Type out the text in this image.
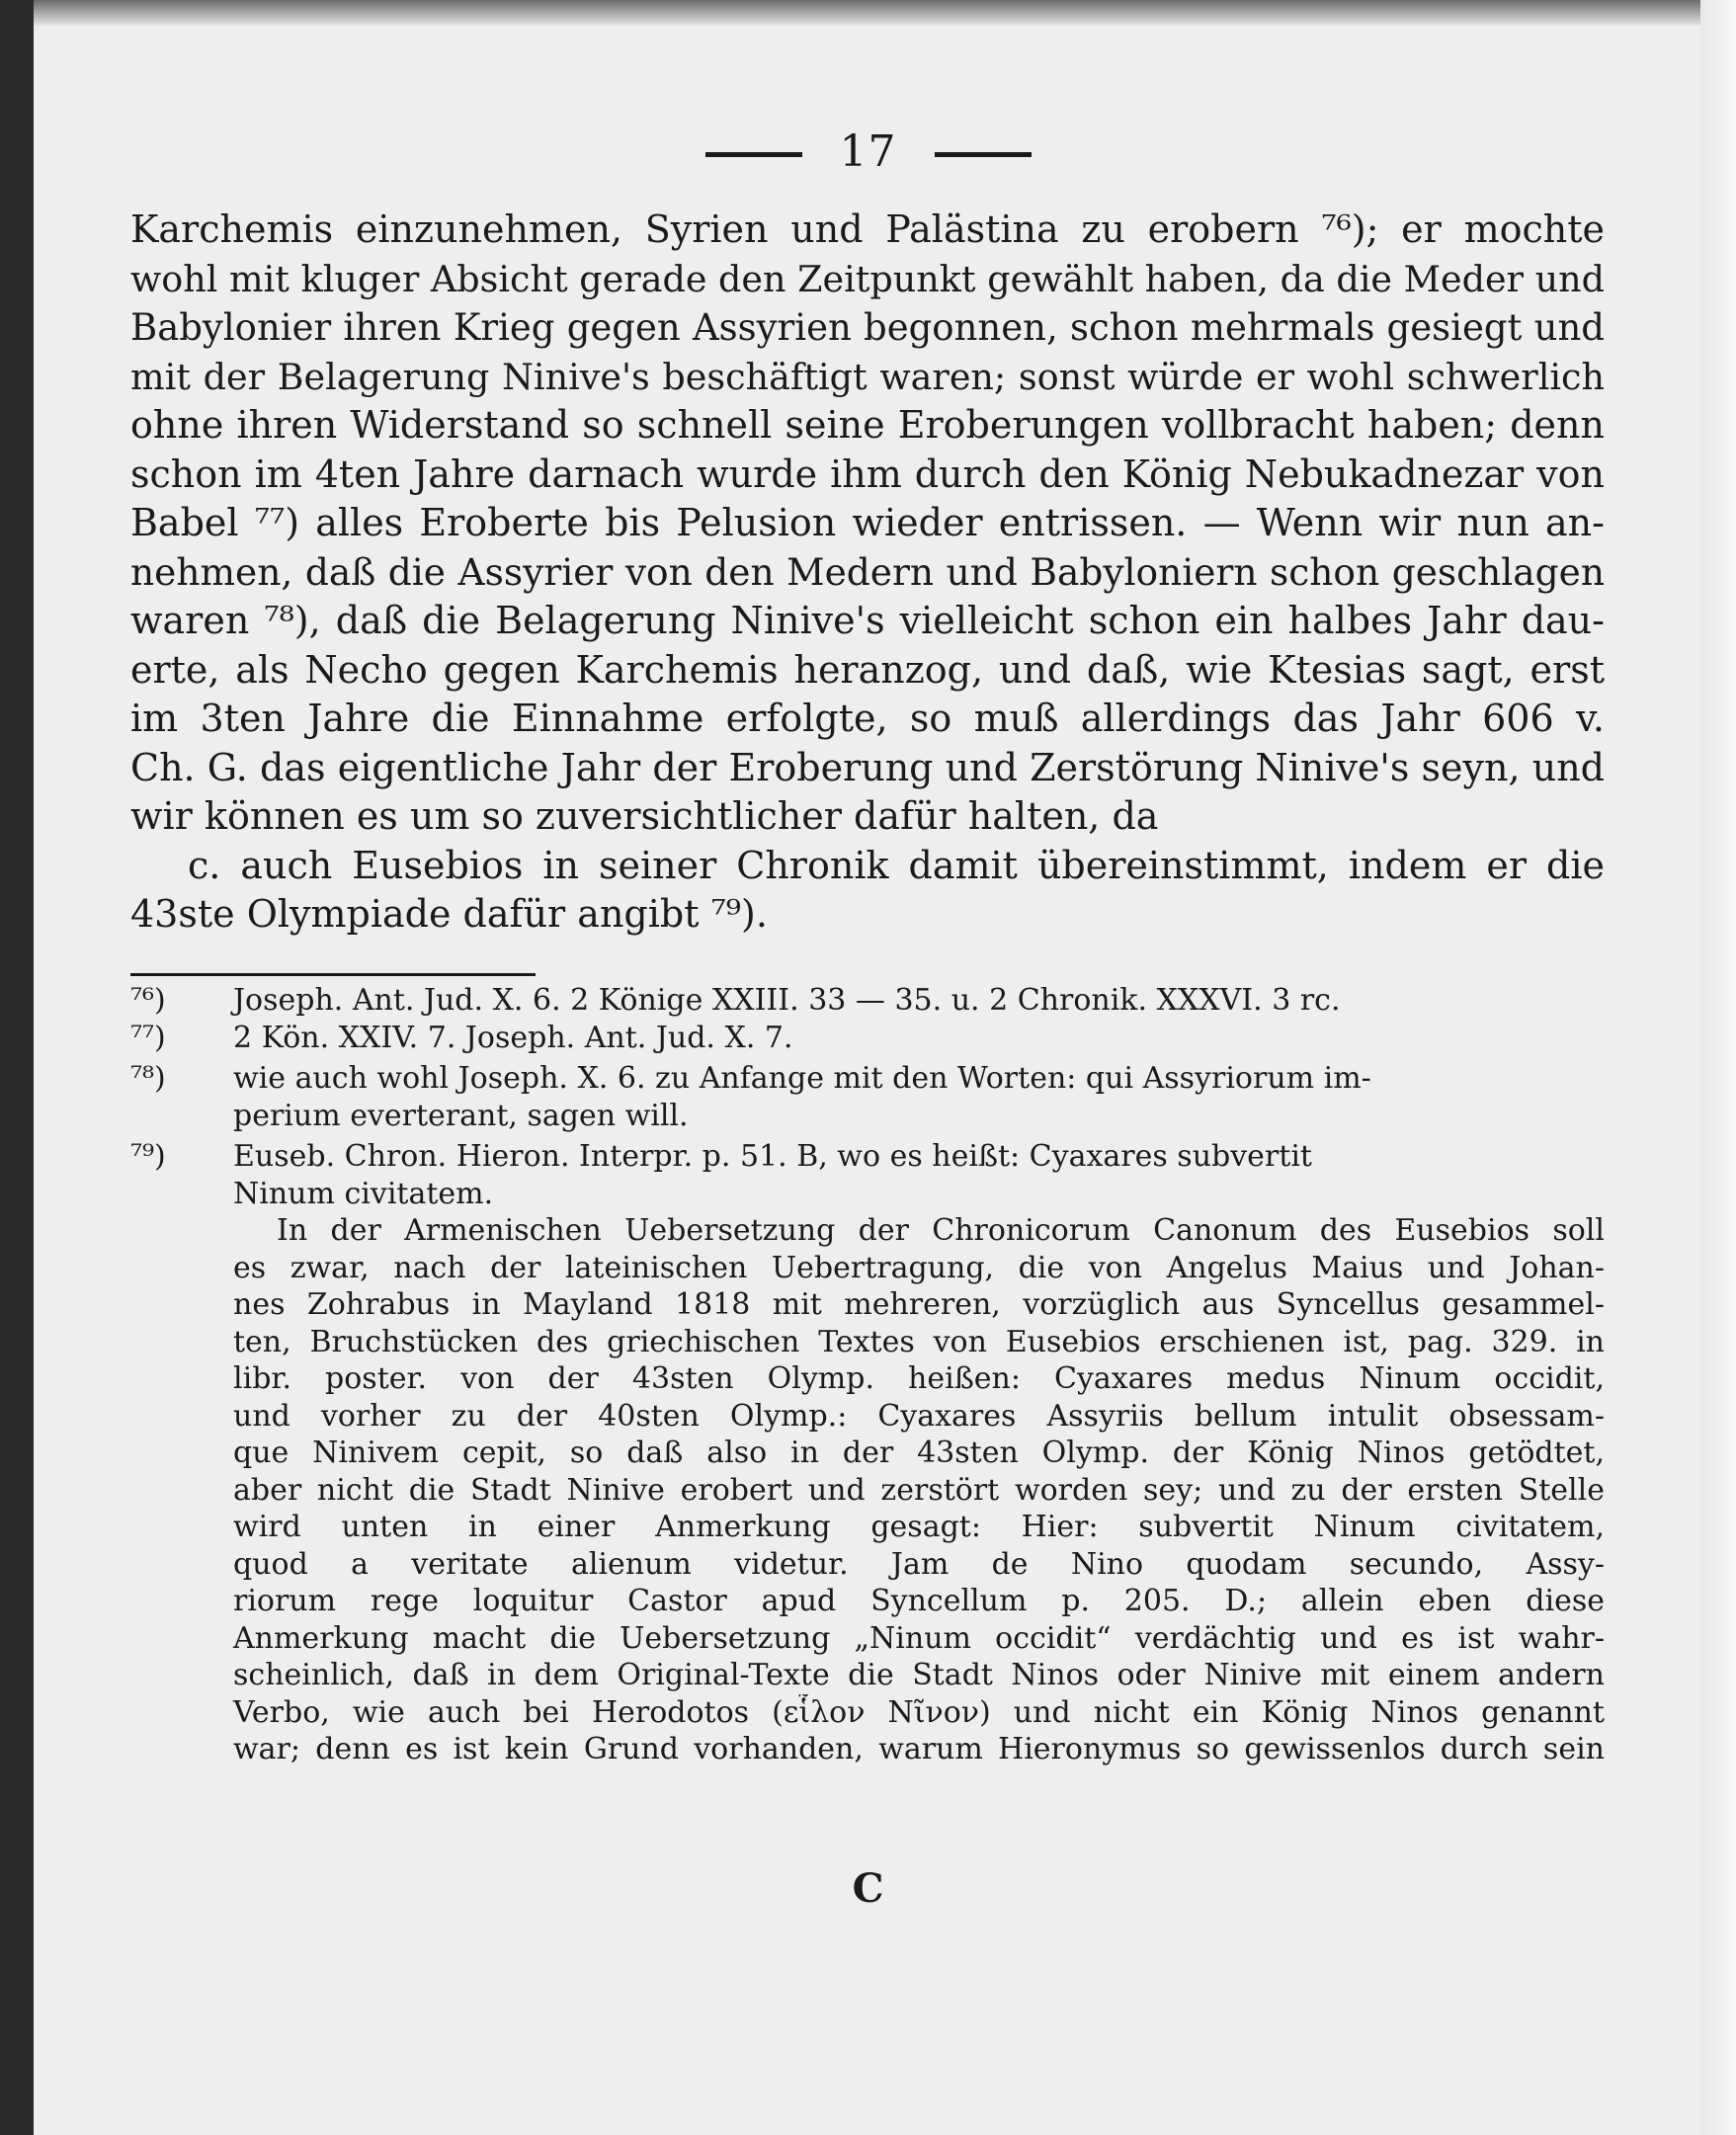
17
Karchemis einzunehmen, Syrien und Palästina zu erobern ⁷⁶); er mochte
wohl mit kluger Absicht gerade den Zeitpunkt gewählt haben, da die Meder und
Babylonier ihren Krieg gegen Assyrien begonnen, schon mehrmals gesiegt und
mit der Belagerung Ninive's beschäftigt waren; sonst würde er wohl schwerlich
ohne ihren Widerstand so schnell seine Eroberungen vollbracht haben; denn
schon im 4ten Jahre darnach wurde ihm durch den König Nebukadnezar von
Babel ⁷⁷) alles Eroberte bis Pelusion wieder entrissen. — Wenn wir nun an-
nehmen, daß die Assyrier von den Medern und Babyloniern schon geschlagen
waren ⁷⁸), daß die Belagerung Ninive's vielleicht schon ein halbes Jahr dau-
erte, als Necho gegen Karchemis heranzog, und daß, wie Ktesias sagt, erst
im 3ten Jahre die Einnahme erfolgte, so muß allerdings das Jahr 606 v.
Ch. G. das eigentliche Jahr der Eroberung und Zerstörung Ninive's seyn, und
wir können es um so zuversichtlicher dafür halten, da
c. auch Eusebios in seiner Chronik damit übereinstimmt, indem er die
43ste Olympiade dafür angibt ⁷⁹).
⁷⁶) Joseph. Ant. Jud. X. 6. 2 Könige XXIII. 33 — 35. u. 2 Chronik. XXXVI. 3 rc.
⁷⁷) 2 Kön. XXIV. 7. Joseph. Ant. Jud. X. 7.
⁷⁸) wie auch wohl Joseph. X. 6. zu Anfange mit den Worten: qui Assyriorum im-
perium everterant, sagen will.
⁷⁹) Euseb. Chron. Hieron. Interpr. p. 51. B, wo es heißt: Cyaxares subvertit
Ninum civitatem.
In der Armenischen Uebersetzung der Chronicorum Canonum des Eusebios soll
es zwar, nach der lateinischen Uebertragung, die von Angelus Maius und Johan-
nes Zohrabus in Mayland 1818 mit mehreren, vorzüglich aus Syncellus gesammel-
ten, Bruchstücken des griechischen Textes von Eusebios erschienen ist, pag. 329. in
libr. poster. von der 43sten Olymp. heißen: Cyaxares medus Ninum occidit,
und vorher zu der 40sten Olymp.: Cyaxares Assyriis bellum intulit obsessam-
que Ninivem cepit, so daß also in der 43sten Olymp. der König Ninos getödtet,
aber nicht die Stadt Ninive erobert und zerstört worden sey; und zu der ersten Stelle
wird unten in einer Anmerkung gesagt: Hier: subvertit Ninum civitatem,
quod a veritate alienum videtur. Jam de Nino quodam secundo, Assy-
riorum rege loquitur Castor apud Syncellum p. 205. D.; allein eben diese
Anmerkung macht die Uebersetzung „Ninum occidit“ verdächtig und es ist wahr-
scheinlich, daß in dem Original-Texte die Stadt Ninos oder Ninive mit einem andern
Verbo, wie auch bei Herodotos (εἷλον Νῖνον) und nicht ein König Ninos genannt
war; denn es ist kein Grund vorhanden, warum Hieronymus so gewissenlos durch sein
C
